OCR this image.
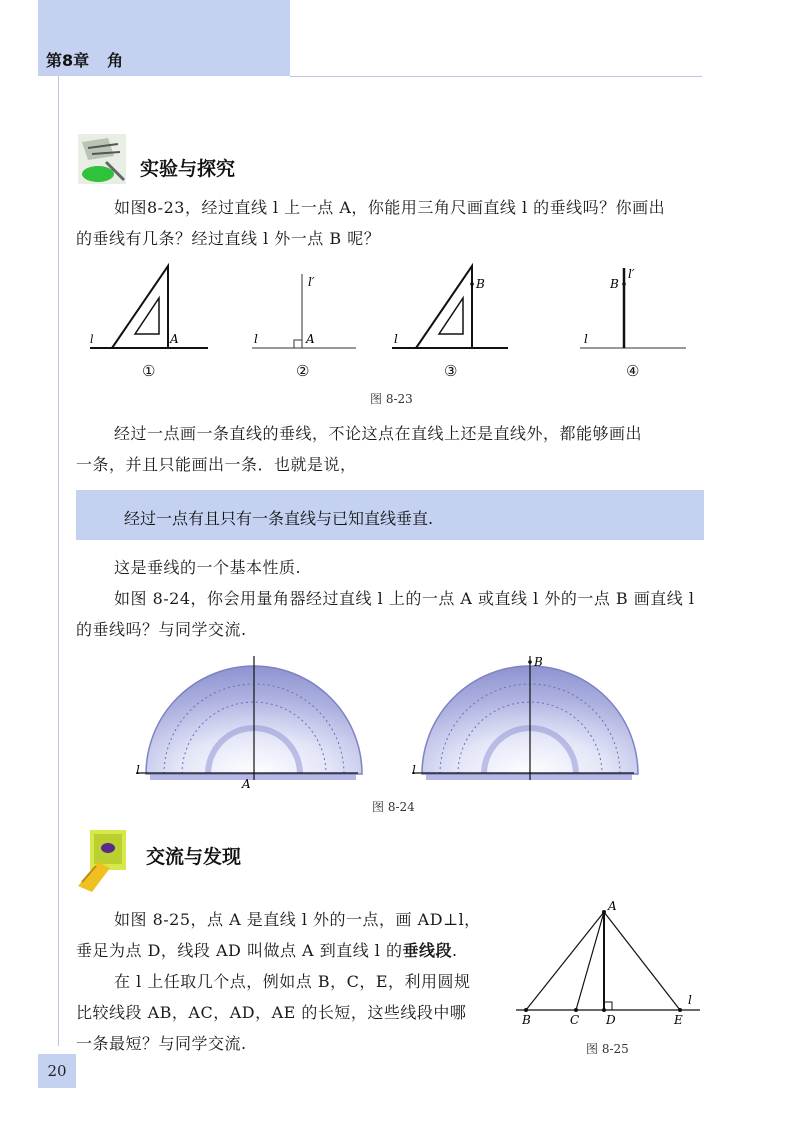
第8章 角
实验与探究

如图8-23，经过直线 l 上一点 A，你能用三角尺画直线 l 的垂线吗？你画出

的垂线有几条？经过直线 l 外一点 B 呢？

l	A	l
l′
A	l
B
l
l′
B
①	②	③	④
图 8-23

经过一点画一条直线的垂线，不论这点在直线上还是直线外，都能够画出

一条，并且只能画出一条．也就是说，

经过一点有且只有一条直线与已知直线垂直.

这是垂线的一个基本性质.

如图 8-24，你会用量角器经过直线 l 上的一点 A 或直线 l 外的一点 B 画直线 l

的垂线吗？与同学交流.

l
A
l
B
图 8-24
交流与发现

如图 8-25，点 A 是直线 l 外的一点，画 AD⊥l，

垂足为点 D，线段 AD 叫做点 A 到直线 l 的垂线段.

在 l 上任取几个点，例如点 B，C，E，利用圆规

比较线段 AB，AC，AD，AE 的长短，这些线段中哪

一条最短？与同学交流.

A
B	C D	E
l
图 8-25
20
